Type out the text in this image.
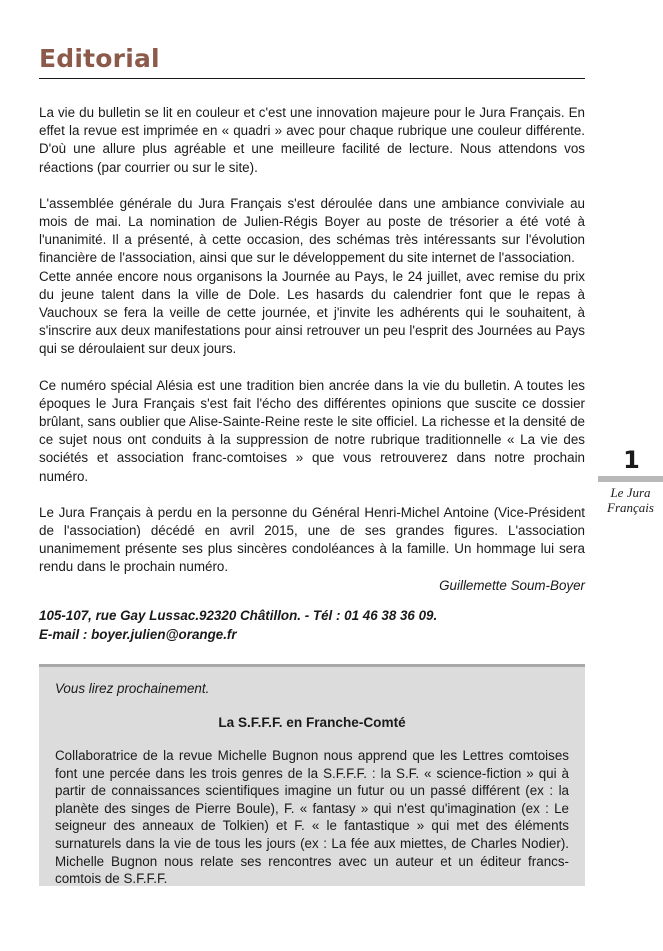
Editorial

La vie du bulletin se lit en couleur et c'est une innovation majeure pour le Jura Français. En effet la revue est imprimée en « quadri » avec pour chaque rubrique une couleur différente. D'où une allure plus agréable et une meilleure facilité de lecture. Nous attendons vos réactions (par courrier ou sur le site).

L'assemblée générale du Jura Français s'est déroulée dans une ambiance conviviale au mois de mai. La nomination de Julien-Régis Boyer au poste de trésorier a été voté à l'unanimité. Il a présenté, à cette occasion, des schémas très intéressants sur l'évolution financière de l'association, ainsi que sur le développement du site internet de l'association.

Cette année encore nous organisons la Journée au Pays, le 24 juillet, avec remise du prix du jeune talent dans la ville de Dole. Les hasards du calendrier font que le repas à Vauchoux se fera la veille de cette journée, et j'invite les adhérents qui le souhaitent, à s'inscrire aux deux manifestations pour ainsi retrouver un peu l'esprit des Journées au Pays qui se déroulaient sur deux jours.

Ce numéro spécial Alésia est une tradition bien ancrée dans la vie du bulletin. A toutes les époques le Jura Français s'est fait l'écho des différentes opinions que suscite ce dossier brûlant, sans oublier que Alise-Sainte-Reine reste le site officiel. La richesse et la densité de ce sujet nous ont conduits à la suppression de notre rubrique traditionnelle « La vie des sociétés et association franc-comtoises » que vous retrouverez dans notre prochain numéro.

Le Jura Français à perdu en la personne du Général Henri-Michel Antoine (Vice-Président de l'association) décédé en avril 2015, une de ses grandes figures. L'association unanimement présente ses plus sincères condoléances à la famille. Un hommage lui sera rendu dans le prochain numéro.

Guillemette Soum-Boyer

105-107, rue Gay Lussac.92320 Châtillon. - Tél : 01 46 38 36 09.
E-mail : boyer.julien@orange.fr
Vous lirez prochainement.
La S.F.F.F. en Franche-Comté
Collaboratrice de la revue Michelle Bugnon nous apprend que les Lettres comtoises font une percée dans les trois genres de la S.F.F.F. : la S.F. « science-fiction » qui à partir de connaissances scientifiques imagine un futur ou un passé différent (ex : la planète des singes de Pierre Boule), F. « fantasy » qui n'est qu'imagination (ex : Le seigneur des anneaux de Tolkien) et F. « le fantastique » qui met des éléments surnaturels dans la vie de tous les jours (ex : La fée aux miettes, de Charles Nodier). Michelle Bugnon nous relate ses rencontres avec un auteur et un éditeur francs-comtois de S.F.F.F.
1
Le Jura
Français
